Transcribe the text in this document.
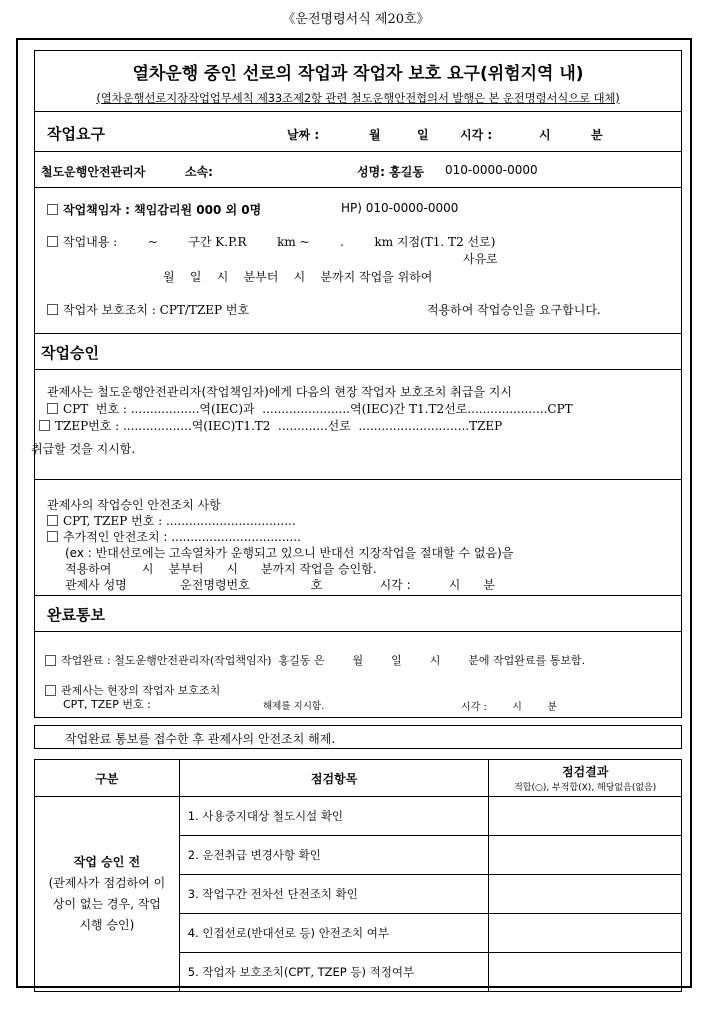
《운전명령서식 제20호》
열차운행 중인 선로의 작업과 작업자 보호 요구(위험지역 내)
(열차운행선로지장작업업무세칙 제33조제2항 관련 철도운행안전협의서 발행은 본 운전명령서식으로 대체)
작업요구	날짜 :	월	일	시각 :	시	분
철도운행안전관리자	소속:	성명: 홍길동 010-0000-0000
작업책임자 : 책임감리원 000 외 0명	HP) 010-0000-0000
작업내용 :        ~        구간 K.P.R        km ~        .        km 지점(T1. T2 선로)
사유로
월    일    시    분부터    시    분까지 작업을 위하여
작업자 보호조치 : CPT/TZEP 번호	적용하여 작업승인을 요구합니다.
작업승인
관제사는 철도운행안전관리자(작업책임자)에게 다음의 현장 작업자 보호조치 취급을 지시
CPT  번호 : ..................역(IEC)과  .......................역(IEC)간 T1.T2선로.....................CPT
TZEP번호 : ..................역(IEC)T1.T2  .............선로  .............................TZEP
취급할 것을 지시함.
관제사의 작업승인 안전조치 사항
CPT, TZEP 번호 : ..................................
추가적인 안전조치 : ..................................
(ex : 반대선로에는 고속열차가 운행되고 있으니 반대선 지장작업을 절대할 수 없음)을
적용하여        시    분부터      시      분까지 작업을 승인함.
관제사 성명              운전명령번호                호               시각 :          시      분
완료통보
작업완료 : 철도운행안전관리자(작업책임자)  홍길동 은        월        일        시        분에 작업완료를 통보함.
관제사는 현장의 작업자 보호조치
CPT, TZEP 번호 :	해제를 지시함.	시각 :        시        분
작업완료 통보를 접수한 후 관제사의 안전조치 해제.
구분	점검항목	점검결과
적합(○), 부적합(X), 해당없음(없음)

작업 승인 전
(관제사가 점검하여 이상이 없는 경우, 작업 시행 승인)	1. 사용중지대상 철도시설 확인	
	2. 운전취급 변경사항 확인	
	3. 작업구간 전차선 단전조치 확인	
	4. 인접선로(반대선로 등) 안전조치 여부	
	5. 작업자 보호조치(CPT, TZEP 등) 적정여부	
